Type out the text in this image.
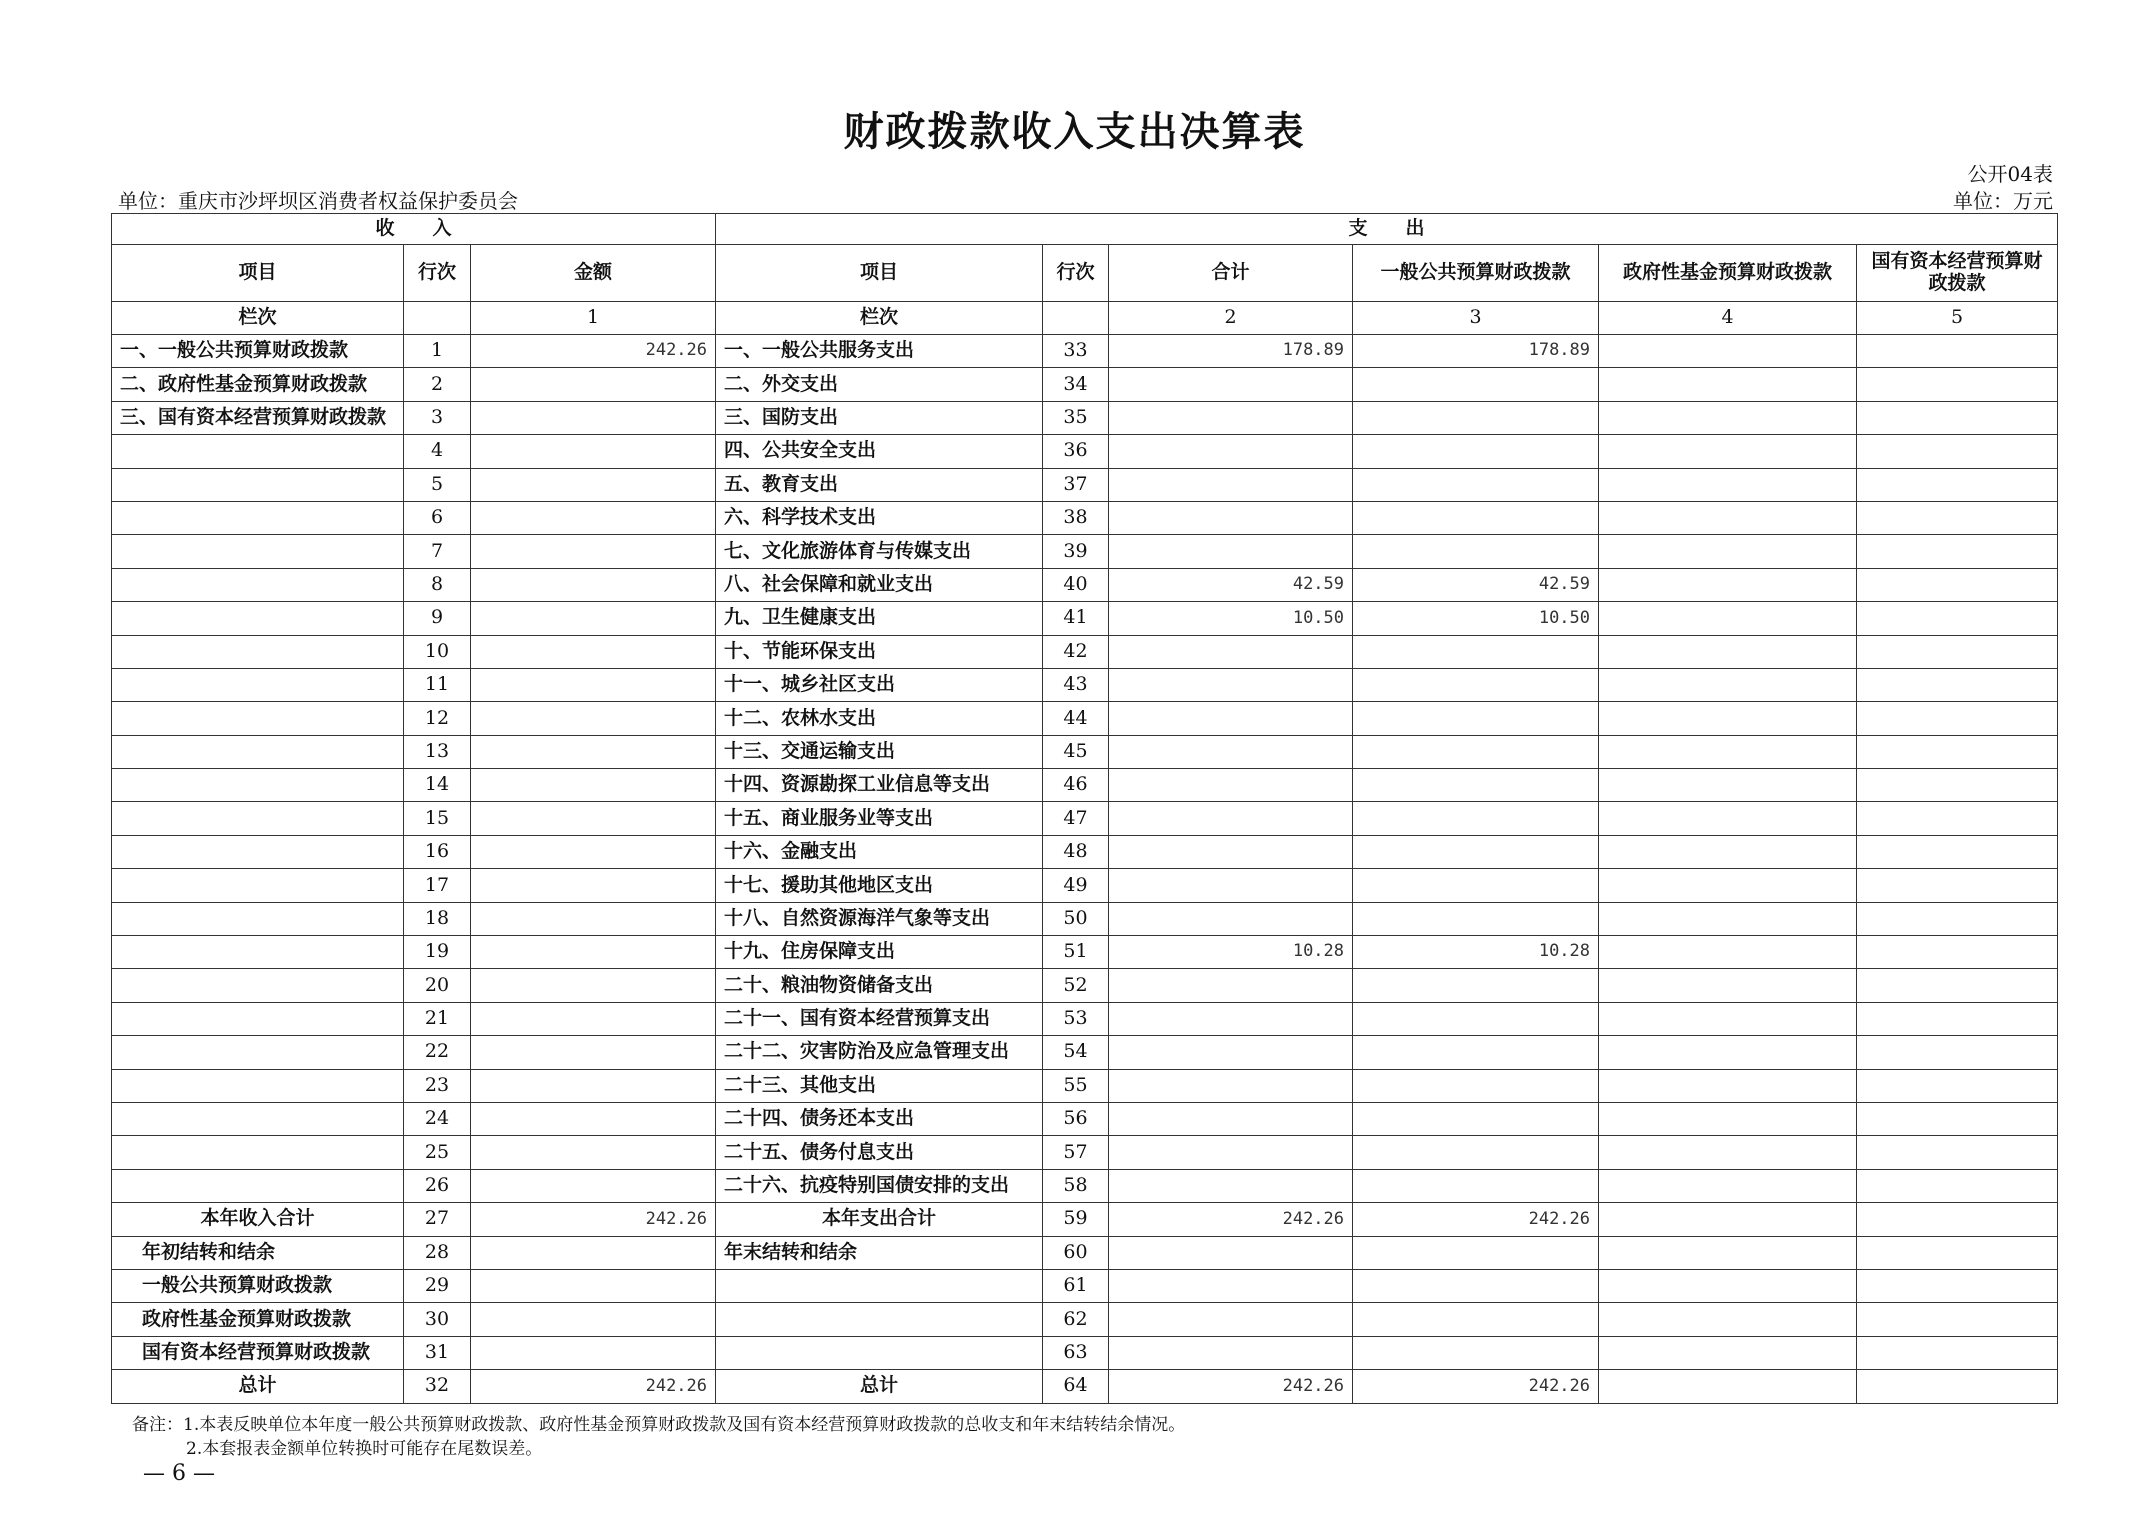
财政拨款收入支出决算表
公开04表
单位：重庆市沙坪坝区消费者权益保护委员会	单位：万元
收　　入			支　　出					
项目	行次	金额	项目	行次	合计	一般公共预算财政拨款	政府性基金预算财政拨款	国有资本经营预算财政拨款
栏次		1	栏次		2	3	4	5
一、一般公共预算财政拨款	1	242.26	一、一般公共服务支出	33	178.89	178.89		
二、政府性基金预算财政拨款	2		二、外交支出	34				
三、国有资本经营预算财政拨款	3		三、国防支出	35				
	4		四、公共安全支出	36				
	5		五、教育支出	37				
	6		六、科学技术支出	38				
	7		七、文化旅游体育与传媒支出	39				
	8		八、社会保障和就业支出	40	42.59	42.59		
	9		九、卫生健康支出	41	10.50	10.50		
	10		十、节能环保支出	42				
	11		十一、城乡社区支出	43				
	12		十二、农林水支出	44				
	13		十三、交通运输支出	45				
	14		十四、资源勘探工业信息等支出	46				
	15		十五、商业服务业等支出	47				
	16		十六、金融支出	48				
	17		十七、援助其他地区支出	49				
	18		十八、自然资源海洋气象等支出	50				
	19		十九、住房保障支出	51	10.28	10.28		
	20		二十、粮油物资储备支出	52				
	21		二十一、国有资本经营预算支出	53				
	22		二十二、灾害防治及应急管理支出	54				
	23		二十三、其他支出	55				
	24		二十四、债务还本支出	56				
	25		二十五、债务付息支出	57				
	26		二十六、抗疫特别国债安排的支出	58				
本年收入合计	27	242.26	本年支出合计	59	242.26	242.26		
年初结转和结余	28		年末结转和结余	60				
一般公共预算财政拨款	29			61				
政府性基金预算财政拨款	30			62				
国有资本经营预算财政拨款	31			63				
总计	32	242.26	总计	64	242.26	242.26		
备注：1.本表反映单位本年度一般公共预算财政拨款、政府性基金预算财政拨款及国有资本经营预算财政拨款的总收支和年末结转结余情况。
2.本套报表金额单位转换时可能存在尾数误差。
— 6 —
